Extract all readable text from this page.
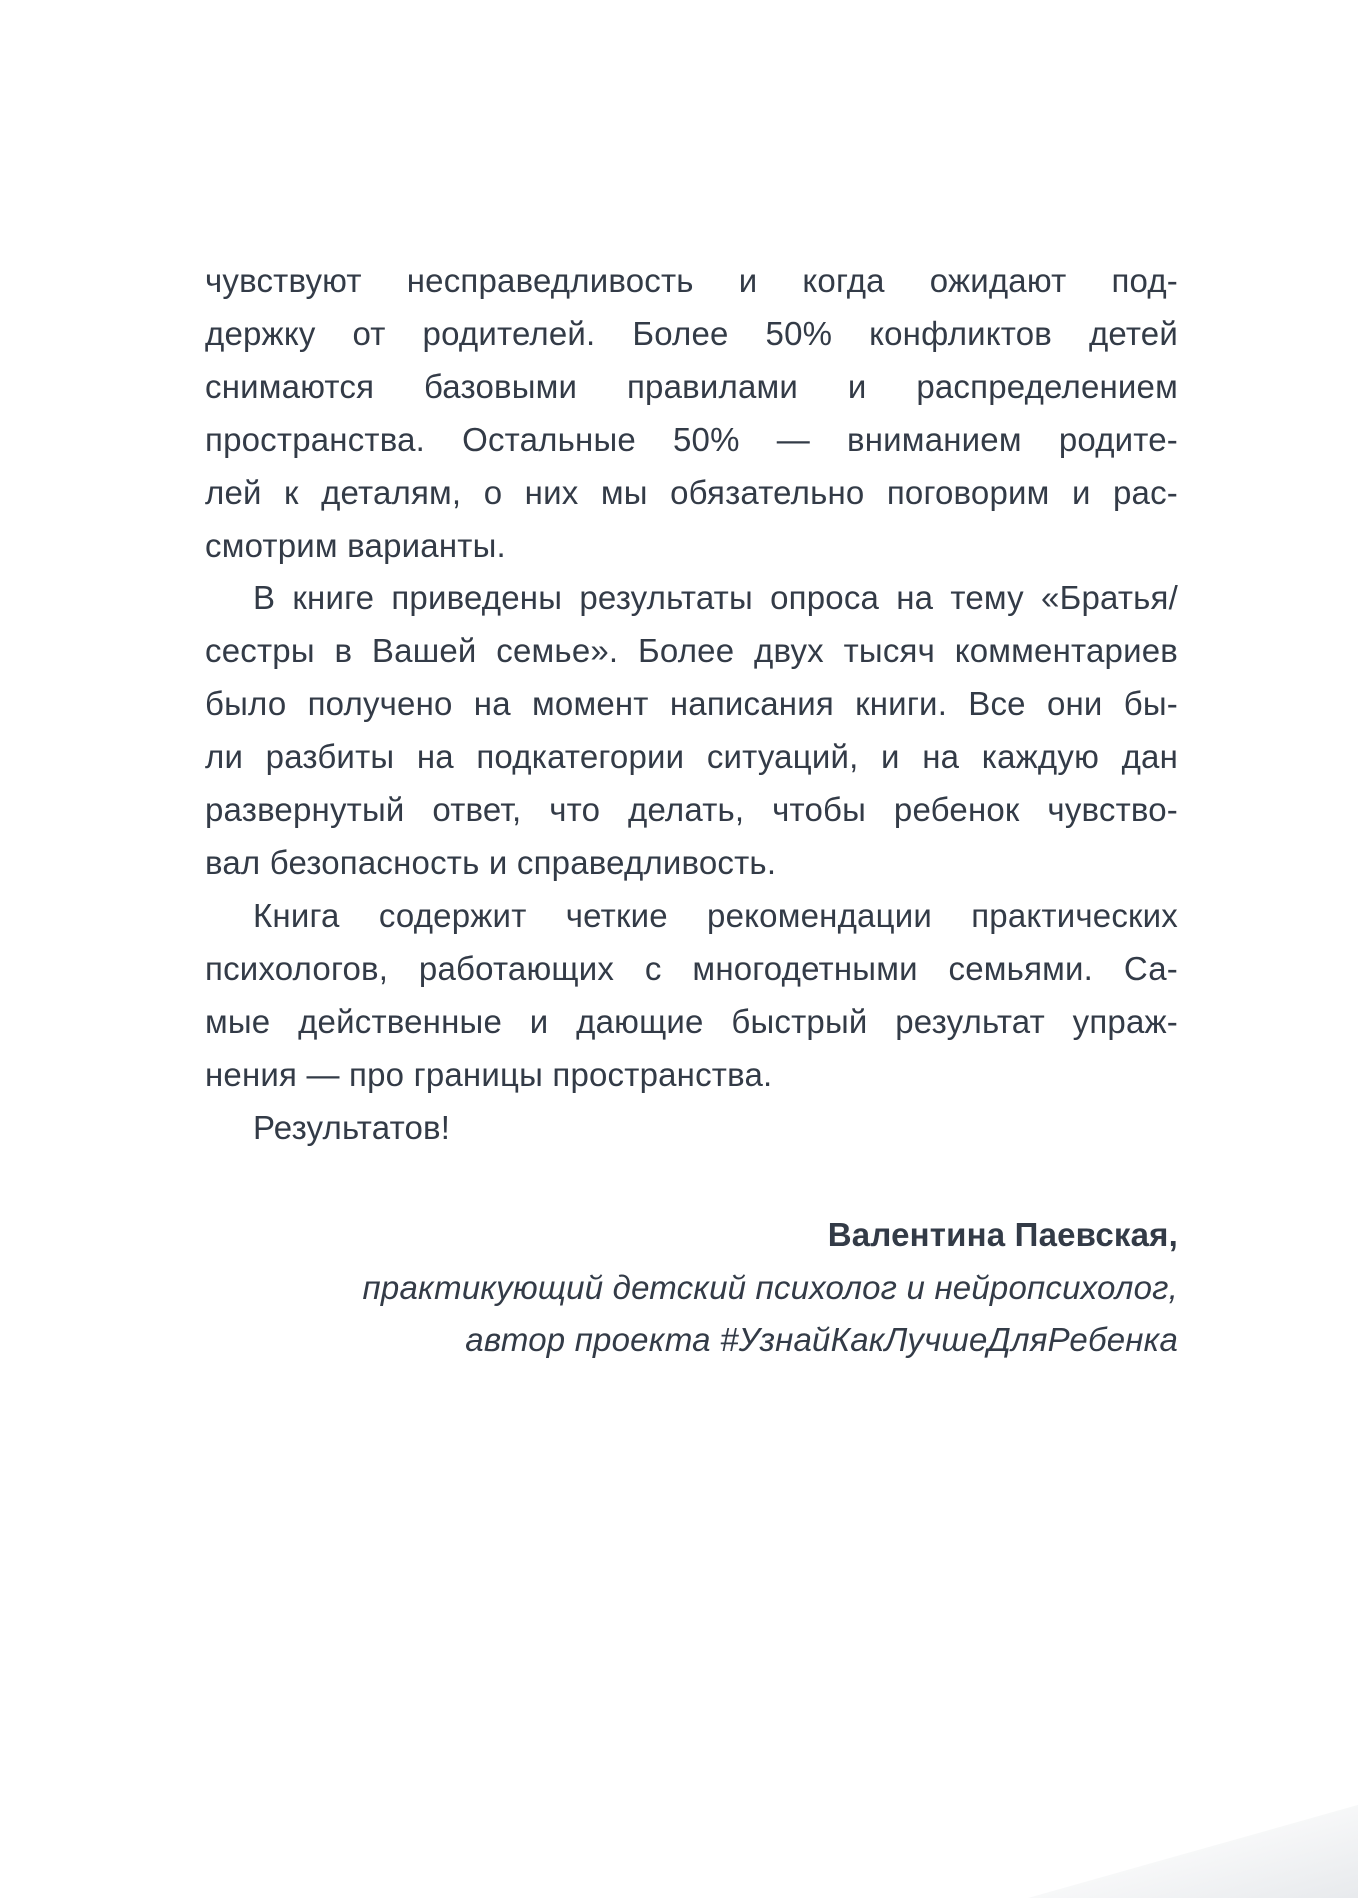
чувствуют несправедливость и когда ожидают под-
держку от родителей. Более 50% конфликтов детей
снимаются базовыми правилами и распределением
пространства. Остальные 50% — вниманием родите-
лей к деталям, о них мы обязательно поговорим и рас-
смотрим варианты.
В книге приведены результаты опроса на тему «Братья/
сестры в Вашей семье». Более двух тысяч комментариев
было получено на момент написания книги. Все они бы-
ли разбиты на подкатегории ситуаций, и на каждую дан
развернутый ответ, что делать, чтобы ребенок чувство-
вал безопасность и справедливость.
Книга содержит четкие рекомендации практических
психологов, работающих с многодетными семьями. Са-
мые действенные и дающие быстрый результат упраж-
нения — про границы пространства.
Результатов!
Валентина Паевская,
практикующий детский психолог и нейропсихолог,
автор проекта #УзнайКакЛучшеДляРебенка
